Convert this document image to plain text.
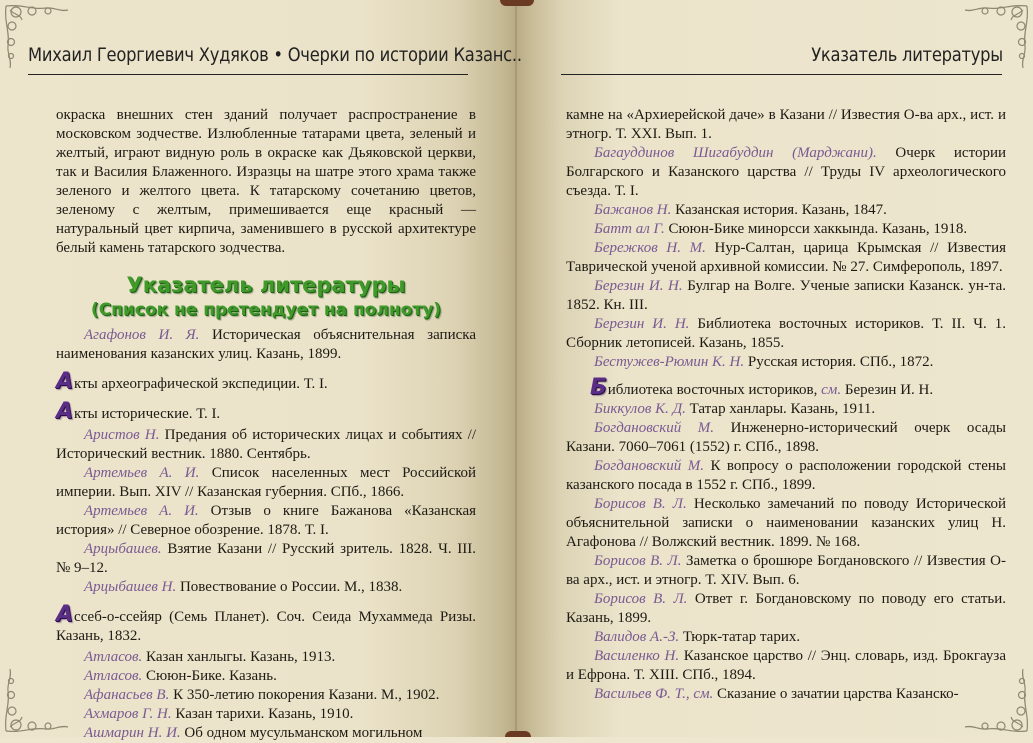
Михаил Георгиевич Худяков • Очерки по истории Казанс..	Указатель литературы
окраска внешних стен зданий получает распространение в московском зодчестве. Излюбленные татарами цвета, зеленый и желтый, играют видную роль в окраске как Дьяковской церкви, так и Василия Блаженного. Изразцы на шатре этого храма также зеленого и желтого цвета. К татарскому сочетанию цветов, зеленому с желтым, примешивается еще красный — натуральный цвет кирпича, заменившего в русской архитектуре белый камень татарского зодчества.
Указатель литературы
(Список не претендует на полноту)

Агафонов И. Я. Историческая объяснительная записка наименования казанских улиц. Казань, 1899.

Акты археографической экспедиции. Т. I.

Акты исторические. Т. I.

Аристов Н. Предания об исторических лицах и событиях // Исторический вестник. 1880. Сентябрь.

Артемьев А. И. Список населенных мест Российской империи. Вып. XIV // Казанская губерния. СПб., 1866.

Артемьев А. И. Отзыв о книге Бажанова «Казанская история» // Северное обозрение. 1878. Т. I.

Арцыбашев. Взятие Казани // Русский зритель. 1828. Ч. III. № 9–12.

Арцыбашев Н. Повествование о России. М., 1838.

Ассеб-о-ссейяр (Семь Планет). Соч. Сеида Мухаммеда Ризы. Казань, 1832.

Атласов. Казан ханлыгы. Казань, 1913.

Атласов. Сююн-Бике. Казань.

Афанасьев В. К 350-летию покорения Казани. М., 1902.

Ахмаров Г. Н. Казан тарихи. Казань, 1910.

Ашмарин Н. И. Об одном мусульманском могильном

камне на «Архиерейской даче» в Казани // Известия О-ва арх., ист. и этногр. Т. XXI. Вып. 1.

Багауддинов Шигабуддин (Марджани). Очерк истории Болгарского и Казанского царства // Труды IV археологического съезда. Т. I.

Бажанов Н. Казанская история. Казань, 1847.

Батт ал Г. Сююн-Бике минорсси хаккында. Казань, 1918.

Бережков Н. М. Нур-Салтан, царица Крымская // Известия Таврической ученой архивной комиссии. № 27. Симферополь, 1897.

Березин И. Н. Булгар на Волге. Ученые записки Казанск. ун-та. 1852. Кн. III.

Березин И. Н. Библиотека восточных историков. Т. II. Ч. 1. Сборник летописей. Казань, 1855.

Бестужев-Рюмин К. Н. Русская история. СПб., 1872.

Библиотека восточных историков, см. Березин И. Н.

Биккулов К. Д. Татар ханлары. Казань, 1911.

Богдановский М. Инженерно-исторический очерк осады Казани. 7060–7061 (1552) г. СПб., 1898.

Богдановский М. К вопросу о расположении городской стены казанского посада в 1552 г. СПб., 1899.

Борисов В. Л. Несколько замечаний по поводу Исторической объяснительной записки о наименовании казанских улиц Н. Агафонова // Волжский вестник. 1899. № 168.

Борисов В. Л. Заметка о брошюре Богдановского // Известия О-ва арх., ист. и этногр. Т. XIV. Вып. 6.

Борисов В. Л. Ответ г. Богдановскому по поводу его статьи. Казань, 1899.

Валидов А.-З. Тюрк-татар тарих.

Василенко Н. Казанское царство // Энц. словарь, изд. Брокгауза и Ефрона. Т. XIII. СПб., 1894.

Васильев Ф. Т., см. Сказание о зачатии царства Казанско-
